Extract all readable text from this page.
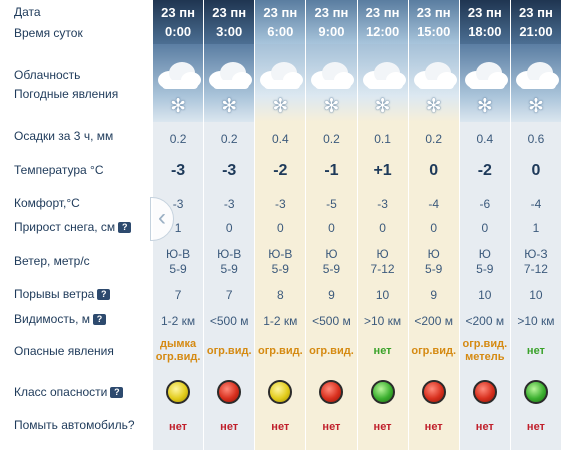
Дата
Время суток
Облачность
Погодные явления
Осадки за 3 ч, мм
Температура °С
Комфорт,°С
Прирост снега, см ?
Ветер, метр/с
Порывы ветра ?
Видимость, м ?
Опасные явления
Класс опасности ?
Помыть автомобиль?
23 пн
0:00
✻
0.2
-3
-3
1
Ю-В
5-9
7
1-2 км
дымка
огр.вид.
нет
23 пн
3:00
✻
0.2
-3
-3
0
Ю-В
5-9
7
<500 м
огр.вид.
нет
23 пн
6:00
✻
0.4
-2
-3
0
Ю-В
5-9
8
1-2 км
огр.вид.
нет
23 пн
9:00
✻
0.2
-1
-5
0
Ю
5-9
9
<500 м
огр.вид.
нет
23 пн
12:00
✻
0.1
+1
-3
0
Ю
7-12
10
>10 км
нет
нет
23 пн
15:00
✻
0.2
0
-4
0
Ю
5-9
9
<200 м
огр.вид.
нет
23 пн
18:00
✻
0.4
-2
-6
0
Ю
5-9
10
<200 м
огр.вид.
метель
нет
23 пн
21:00
✻
0.6
0
-4
1
Ю-З
7-12
10
>10 км
нет
нет
‹
